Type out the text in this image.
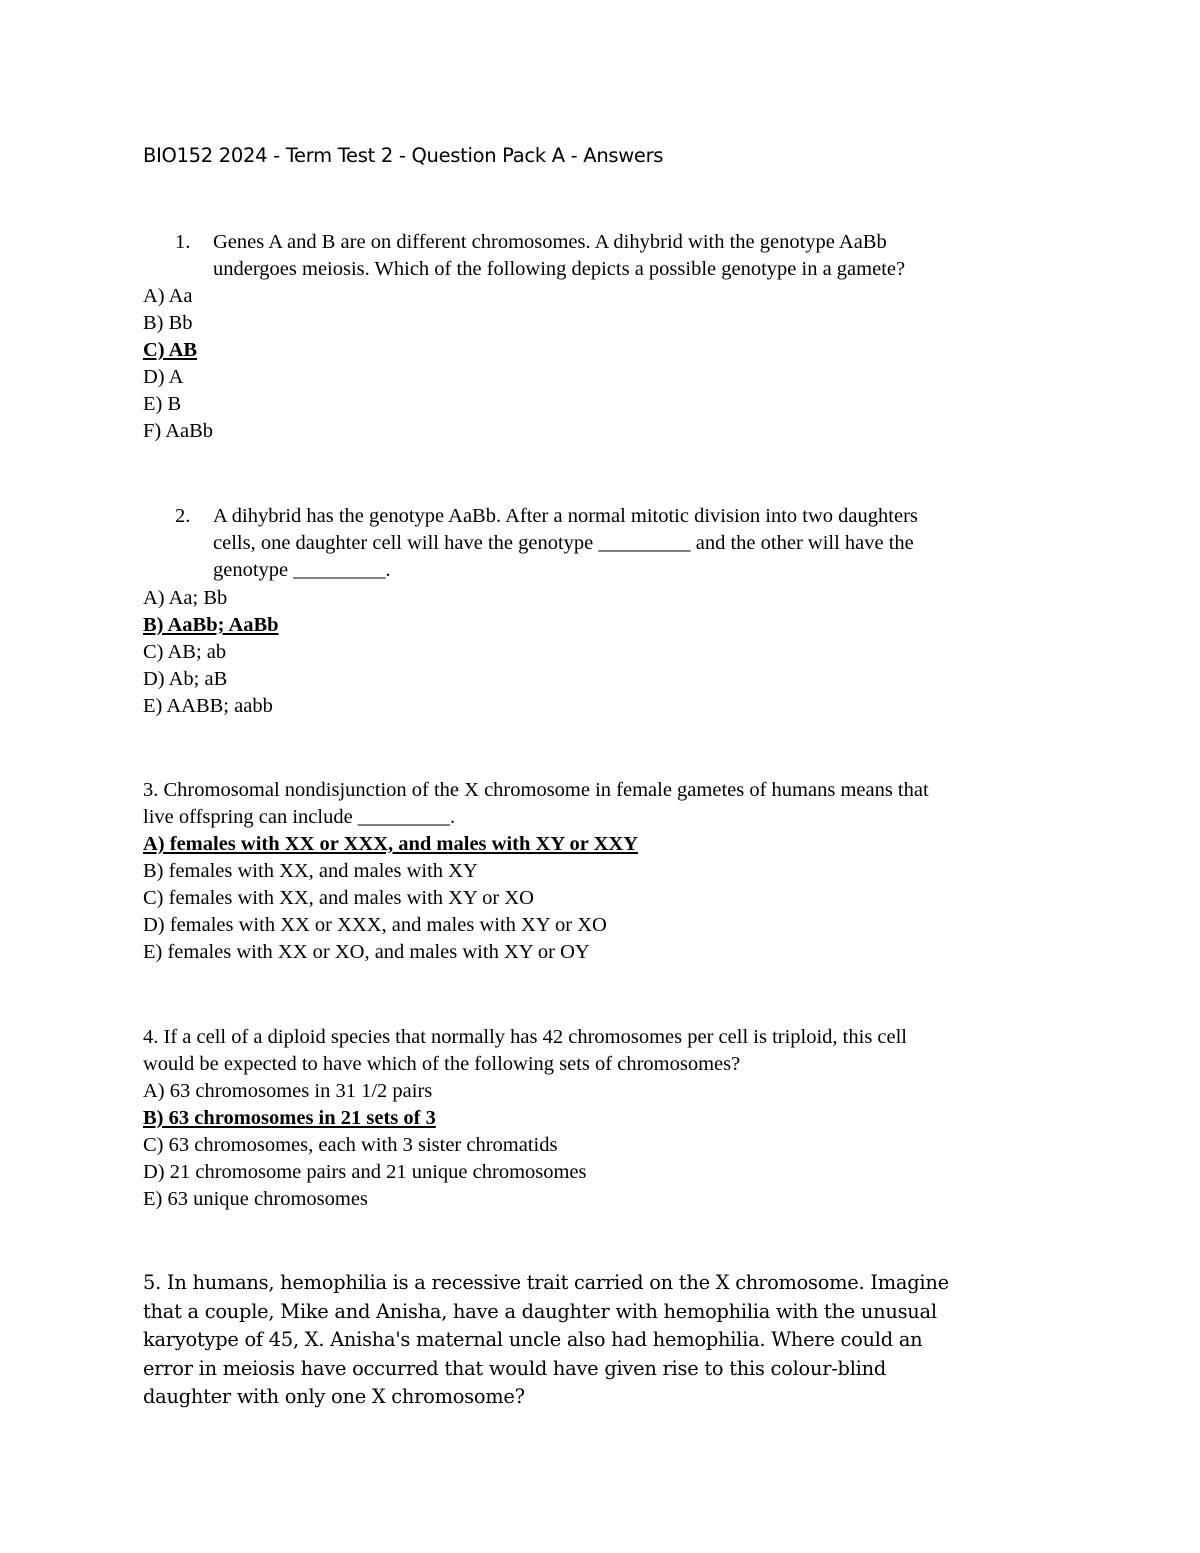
BIO152 2024 - Term Test 2 - Question Pack A - Answers
1. Genes A and B are on different chromosomes. A dihybrid with the genotype AaBb
undergoes meiosis. Which of the following depicts a possible genotype in a gamete?
A) Aa
B) Bb
C) AB
D) A
E) B
F) AaBb
2. A dihybrid has the genotype AaBb. After a normal mitotic division into two daughters
cells, one daughter cell will have the genotype _________ and the other will have the
genotype _________.
A) Aa; Bb
B) AaBb; AaBb
C) AB; ab
D) Ab; aB
E) AABB; aabb
3. Chromosomal nondisjunction of the X chromosome in female gametes of humans means that
live offspring can include _________.
A) females with XX or XXX, and males with XY or XXY
B) females with XX, and males with XY
C) females with XX, and males with XY or XO
D) females with XX or XXX, and males with XY or XO
E) females with XX or XO, and males with XY or OY
4. If a cell of a diploid species that normally has 42 chromosomes per cell is triploid, this cell
would be expected to have which of the following sets of chromosomes?
A) 63 chromosomes in 31 1/2 pairs
B) 63 chromosomes in 21 sets of 3
C) 63 chromosomes, each with 3 sister chromatids
D) 21 chromosome pairs and 21 unique chromosomes
E) 63 unique chromosomes
5. In humans, hemophilia is a recessive trait carried on the X chromosome. Imagine
that a couple, Mike and Anisha, have a daughter with hemophilia with the unusual
karyotype of 45, X. Anisha's maternal uncle also had hemophilia. Where could an
error in meiosis have occurred that would have given rise to this colour-blind
daughter with only one X chromosome?
